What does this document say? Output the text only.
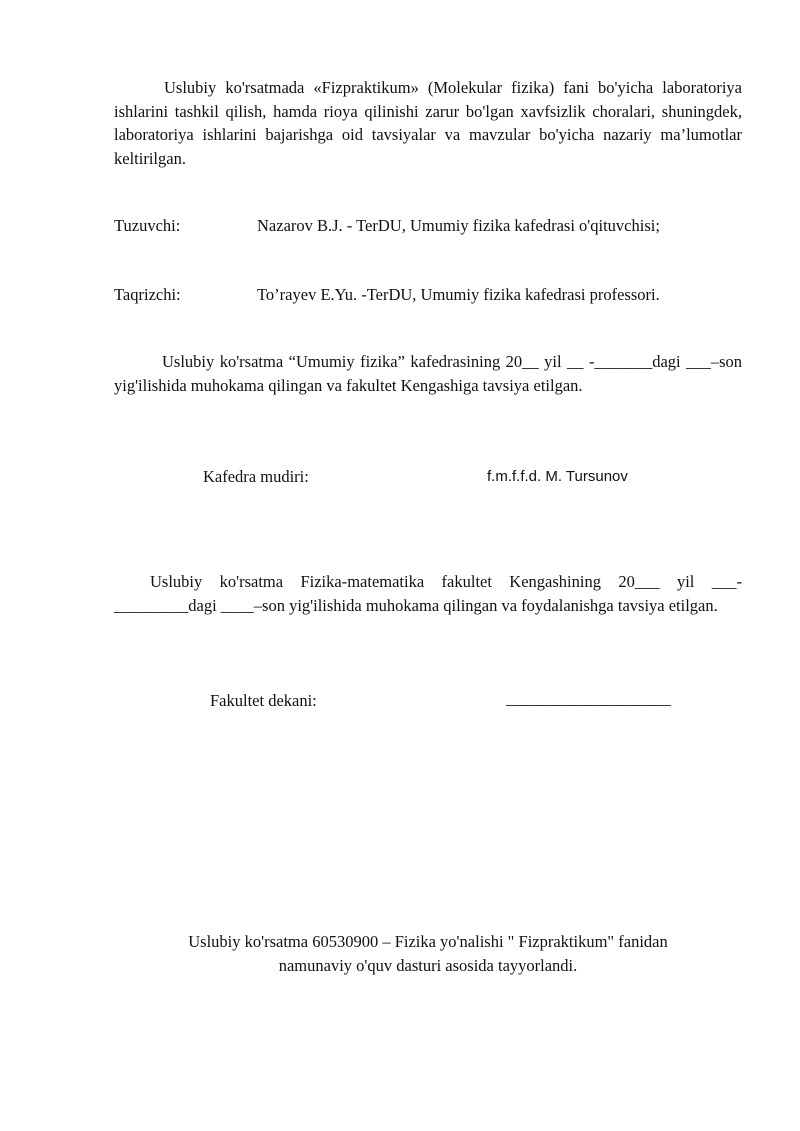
Uslubiy ko'rsatmada «Fizpraktikum» (Molekular fizika) fani bo'yicha laboratoriya ishlarini tashkil qilish, hamda rioya qilinishi zarur bo'lgan xavfsizlik choralari, shuningdek, laboratoriya ishlarini bajarishga oid tavsiyalar va mavzular bo'yicha nazariy ma’lumotlar keltirilgan.

Tuzuvchi:	Nazarov B.J. - TerDU, Umumiy fizika kafedrasi o'qituvchisi;
Taqrizchi:	To’rayev E.Yu. -TerDU, Umumiy fizika kafedrasi professori.

Uslubiy ko'rsatma “Umumiy fizika” kafedrasining 20__ yil __ -_______dagi ___–son yig'ilishida muhokama qilingan va fakultet Kengashiga tavsiya etilgan.

Kafedra mudiri:	f.m.f.f.d. M. Tursunov

Uslubiy ko'rsatma Fizika-matematika fakultet Kengashining 20___ yil ___-_________dagi ____–son yig'ilishida muhokama qilingan va foydalanishga tavsiya etilgan.

Fakultet dekani:	____________________
Uslubiy ko'rsatma 60530900 – Fizika yo'nalishi " Fizpraktikum" fanidan
namunaviy o'quv dasturi asosida tayyorlandi.
